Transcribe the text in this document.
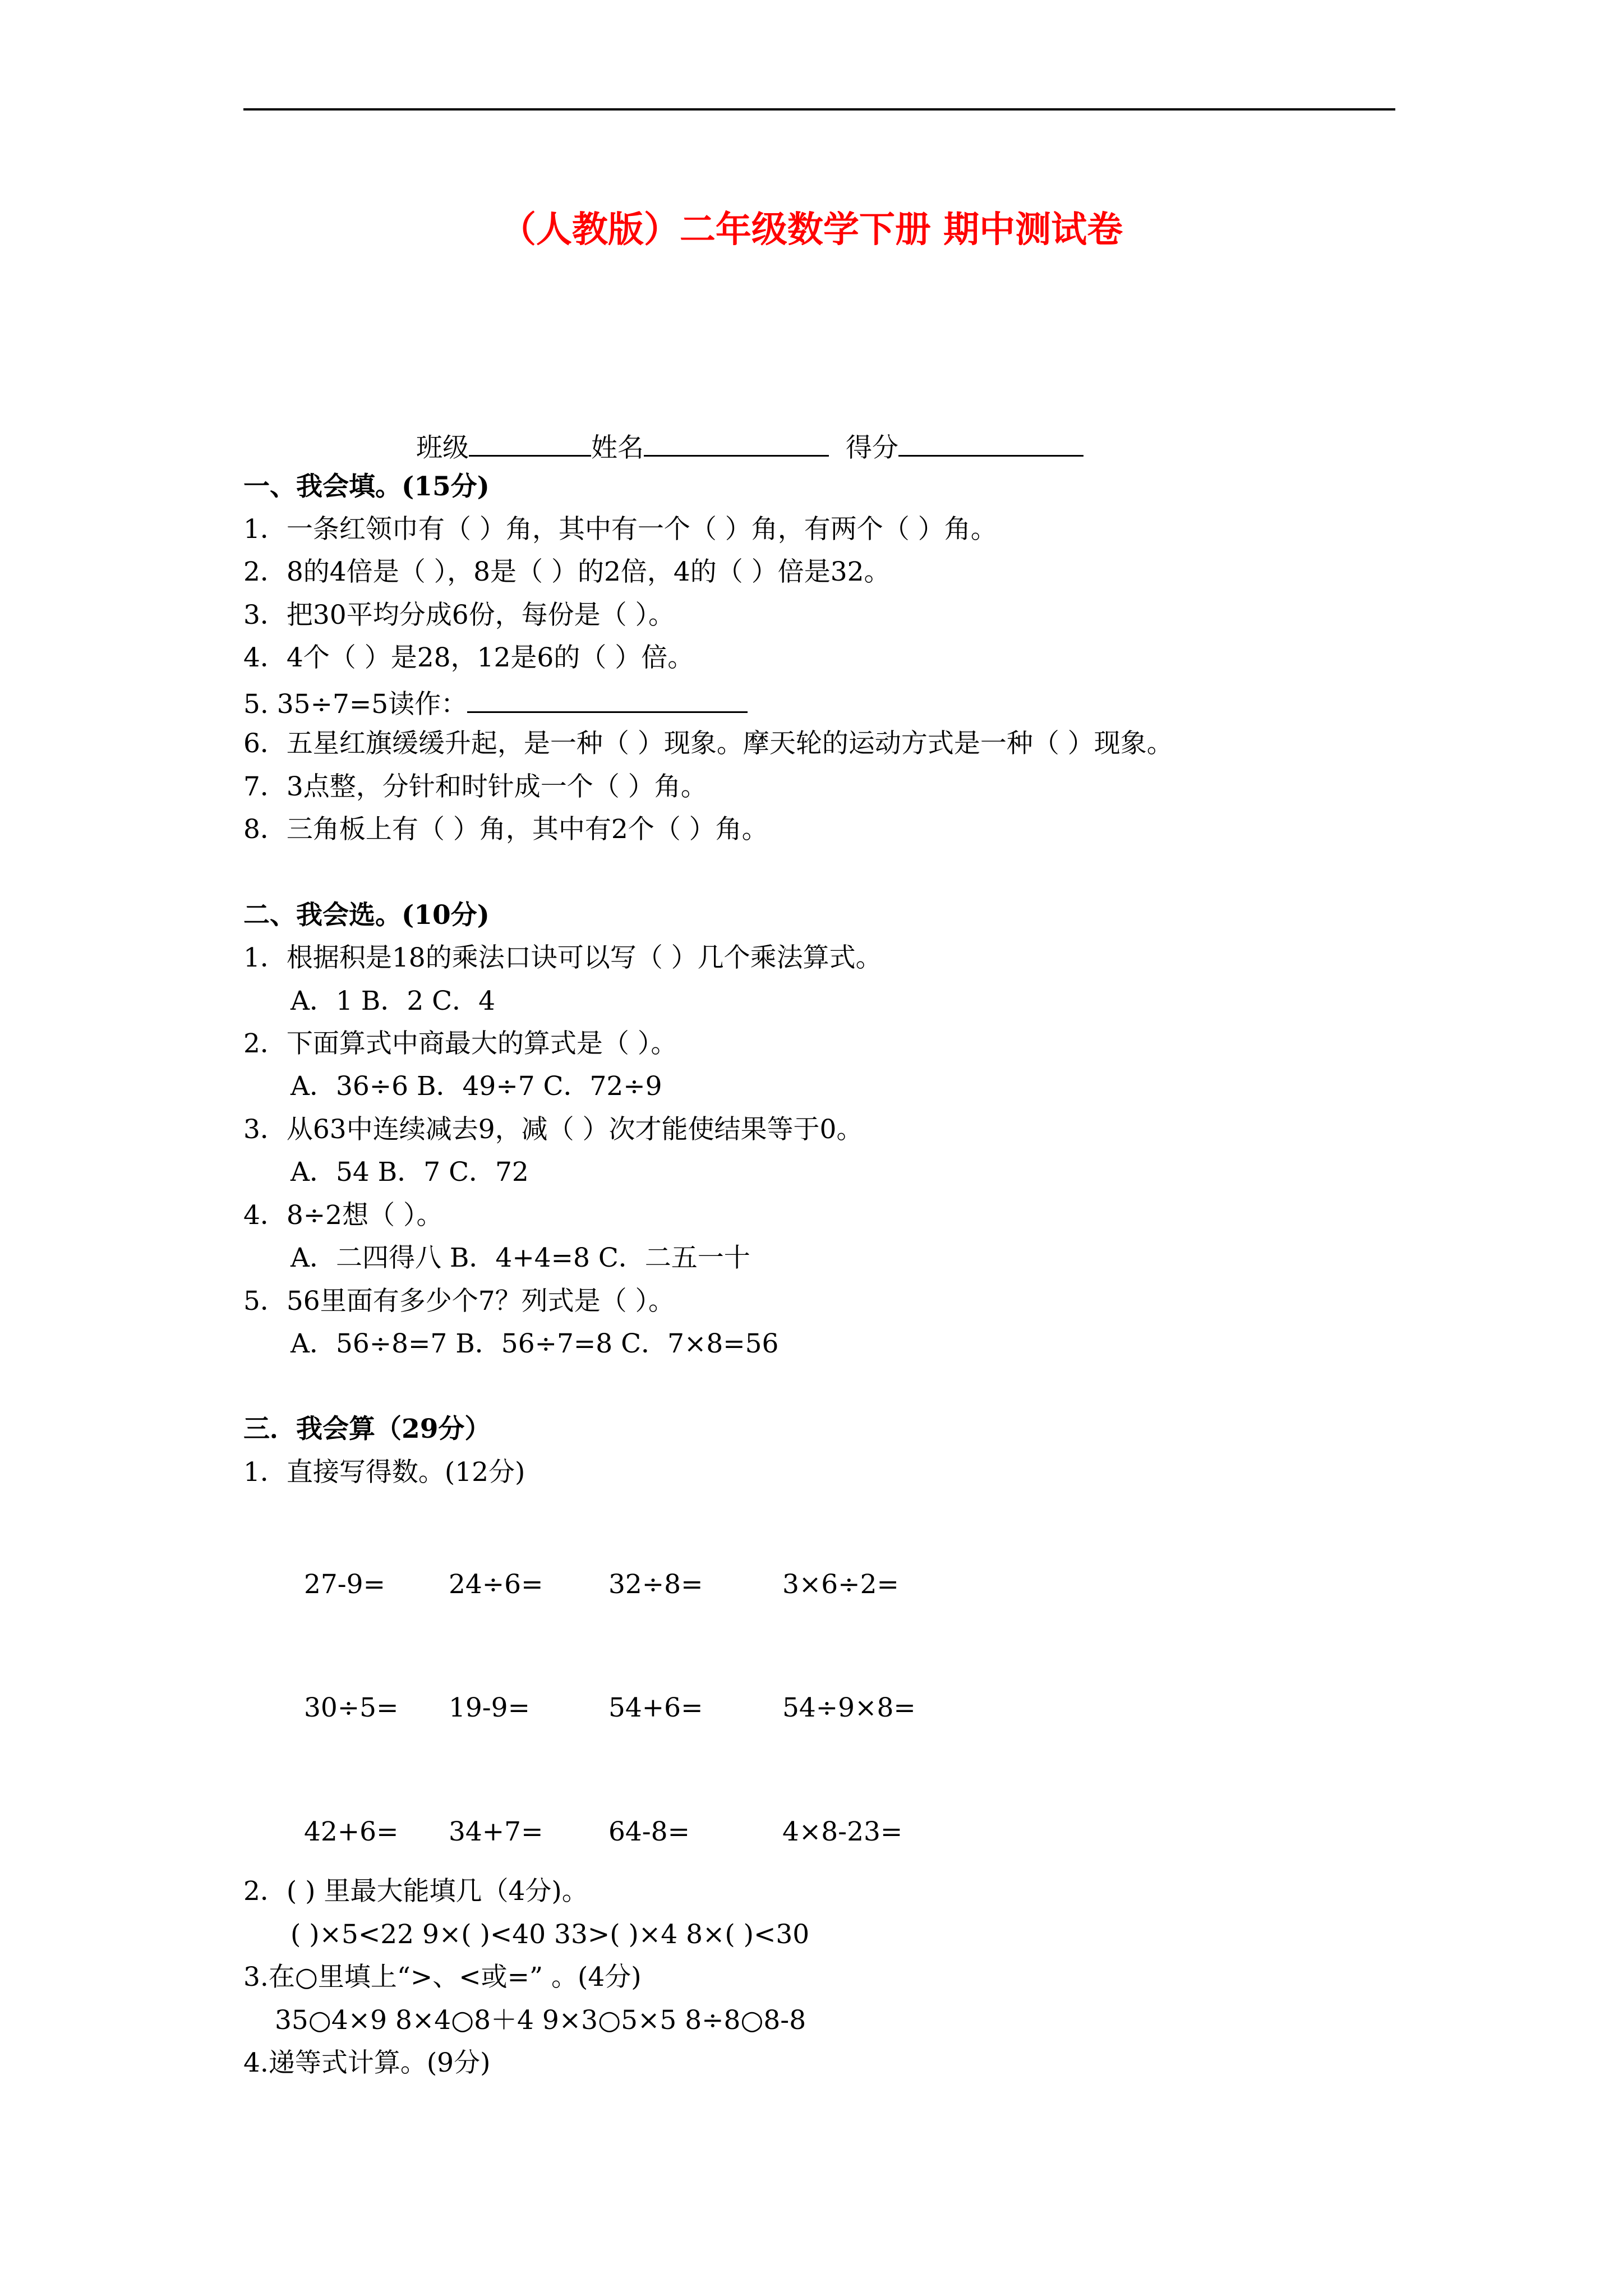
（人教版）二年级数学下册 期中测试卷
班级	姓名	得分
一、我会填。(15分)
1．一条红领巾有（ ）角，其中有一个（ ）角，有两个（ ）角。
2．8的4倍是（ ），8是（ ）的2倍，4的（ ）倍是32。
3．把30平均分成6份，每份是（ ）。
4．4个（ ）是28，12是6的（ ）倍。
5. 35÷7=5读作：
6．五星红旗缓缓升起，是一种（ ）现象。摩天轮的运动方式是一种（ ）现象。
7．3点整，分针和时针成一个（ ）角。
8．三角板上有（ ）角，其中有2个（ ）角。
二、我会选。(10分)
1．根据积是18的乘法口诀可以写（ ）几个乘法算式。
A．1 B．2 C．4
2．下面算式中商最大的算式是（ ）。
A．36÷6 B．49÷7 C．72÷9
3．从63中连续减去9，减（ ）次才能使结果等于0。
A．54 B．7 C．72
4．8÷2想（ ）。
A．二四得八 B．4+4=8 C．二五一十
5．56里面有多少个7？列式是（ ）。
A．56÷8=7 B．56÷7=8 C．7×8=56
三．我会算（29分）
1．直接写得数。(12分)
27-9= 24÷6= 32÷8=	3×6÷2=
30÷5= 19-9=	54+6=	54÷9×8=
42+6= 34+7= 64-8=	4×8-23=
2．( ) 里最大能填几（4分)。
( )×5<22 9×( )<40 33>( )×4 8×( )<30
3.在○里填上“>、<或=” 。(4分)
35○4×9 8×4○8＋4 9×3○5×5 8÷8○8-8
4.递等式计算。(9分)
